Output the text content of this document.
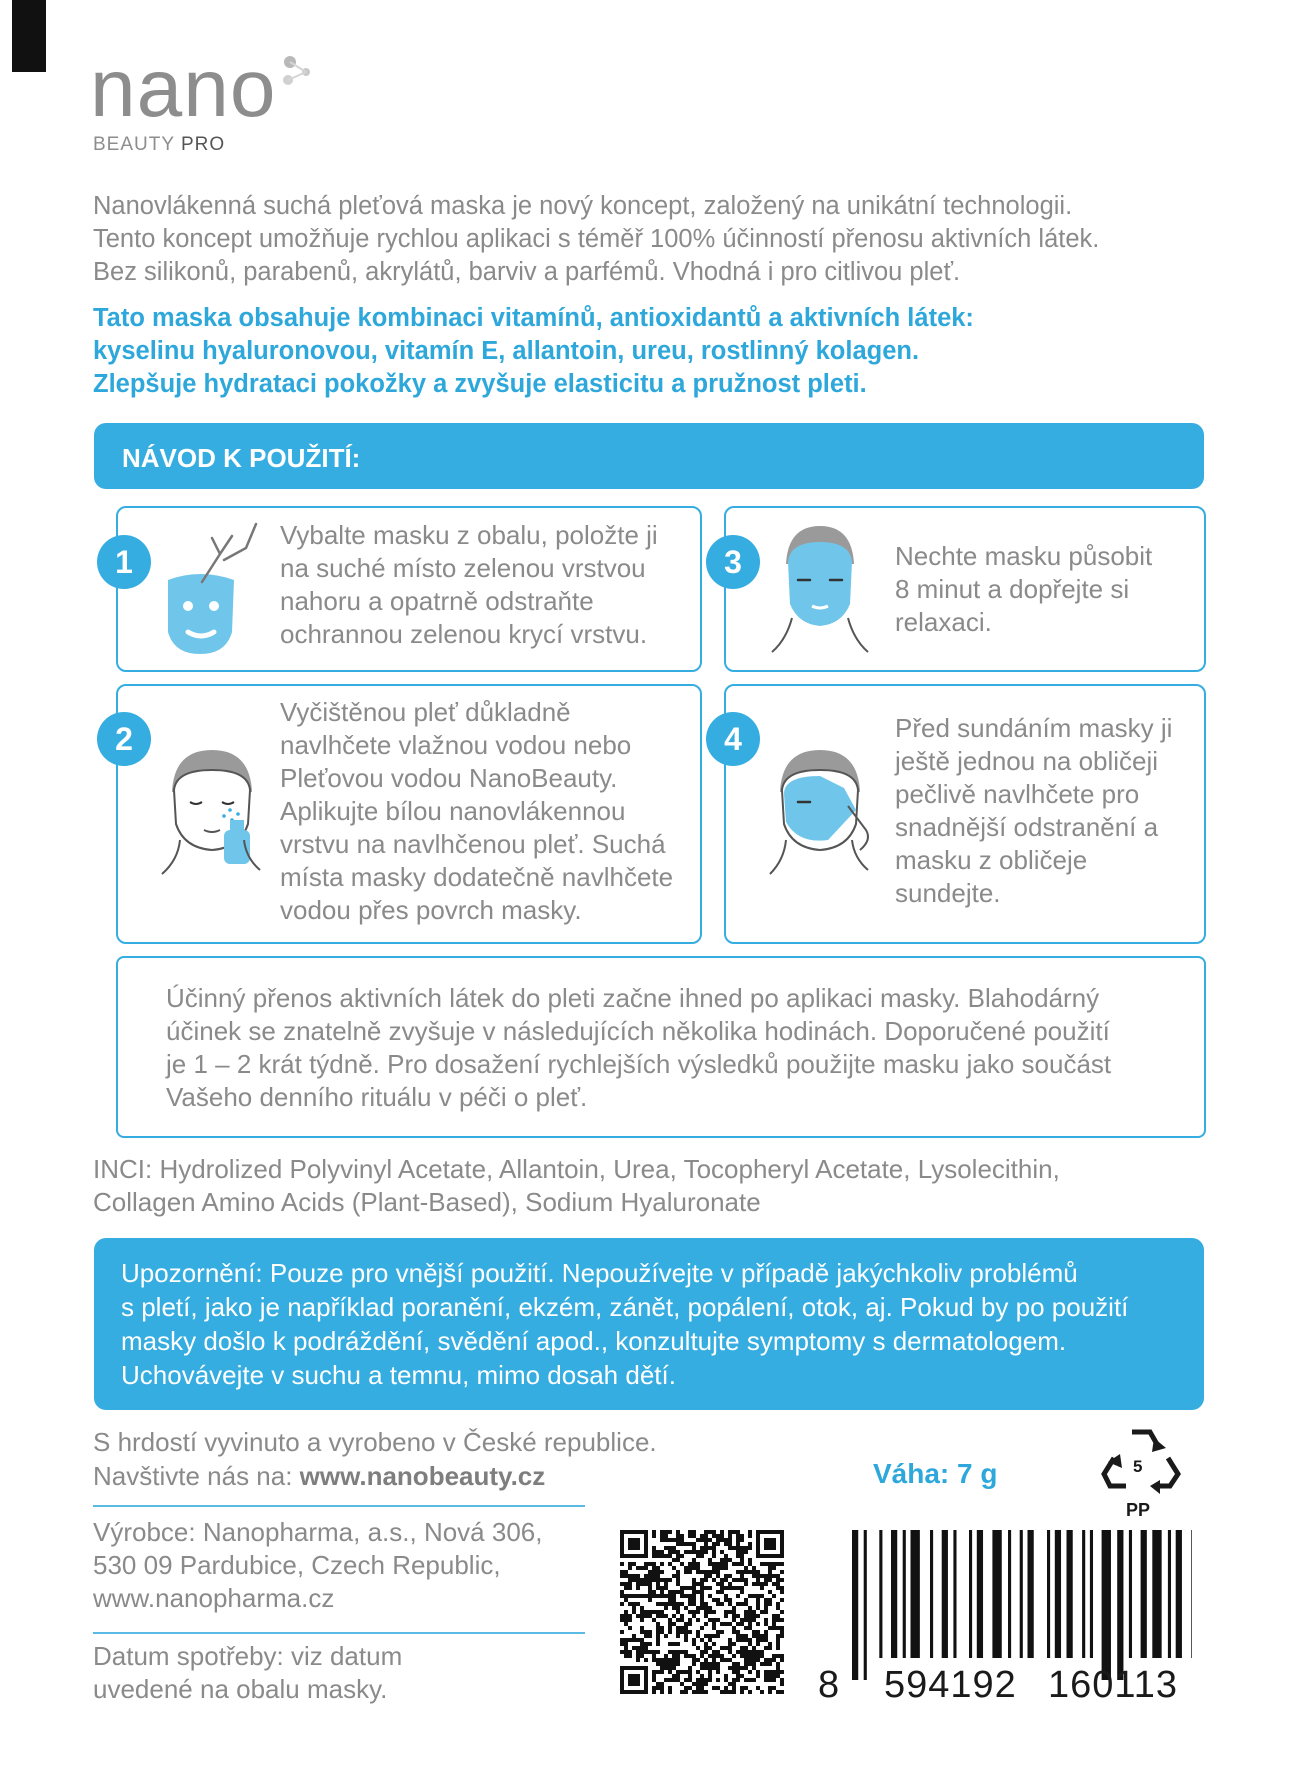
nano
BEAUTY PRO
Nanovlákenná suchá pleťová maska je nový koncept, založený na unikátní technologii.
Tento koncept umožňuje rychlou aplikaci s téměř 100% účinností přenosu aktivních látek.
Bez silikonů, parabenů, akrylátů, barviv a parfémů. Vhodná i pro citlivou pleť.
Tato maska obsahuje kombinaci vitamínů, antioxidantů a aktivních látek:
kyselinu hyaluronovou, vitamín E, allantoin, ureu, rostlinný kolagen.
Zlepšuje hydrataci pokožky a zvyšuje elasticitu a pružnost pleti.
NÁVOD K POUŽITÍ:
1
Vybalte masku z obalu, položte ji
na suché místo zelenou vrstvou
nahoru a opatrně odstraňte
ochrannou zelenou krycí vrstvu.
3	Nechte masku působit
8 minut a dopřejte si
relaxaci.
2
Vyčištěnou pleť důkladně
navlhčete vlažnou vodou nebo
Pleťovou vodou NanoBeauty.
Aplikujte bílou nanovlákennou
vrstvu na navlhčenou pleť. Suchá
místa masky dodatečně navlhčete
vodou přes povrch masky.
4	Před sundáním masky ji
ještě jednou na obličeji
pečlivě navlhčete pro
snadnější odstranění a
masku z obličeje
sundejte.
Účinný přenos aktivních látek do pleti začne ihned po aplikaci masky. Blahodárný
účinek se znatelně zvyšuje v následujících několika hodinách. Doporučené použití
je 1 – 2 krát týdně. Pro dosažení rychlejších výsledků použijte masku jako součást
Vašeho denního rituálu v péči o pleť.
INCI: Hydrolized Polyvinyl Acetate, Allantoin, Urea, Tocopheryl Acetate, Lysolecithin,
Collagen Amino Acids (Plant-Based), Sodium Hyaluronate
Upozornění: Pouze pro vnější použití. Nepoužívejte v případě jakýchkoliv problémů
s pletí, jako je například poranění, ekzém, zánět, popálení, otok, aj. Pokud by po použití
masky došlo k podráždění, svědění apod., konzultujte symptomy s dermatologem.
Uchovávejte v suchu a temnu, mimo dosah dětí.
S hrdostí vyvinuto a vyrobeno v České republice.
Navštivte nás na: www.nanobeauty.cz
Výrobce: Nanopharma, a.s., Nová 306,
530 09 Pardubice, Czech Republic,
www.nanopharma.cz
Datum spotřeby: viz datum
uvedené na obalu masky.
Váha: 7 g	5
PP
8 594192 160113
